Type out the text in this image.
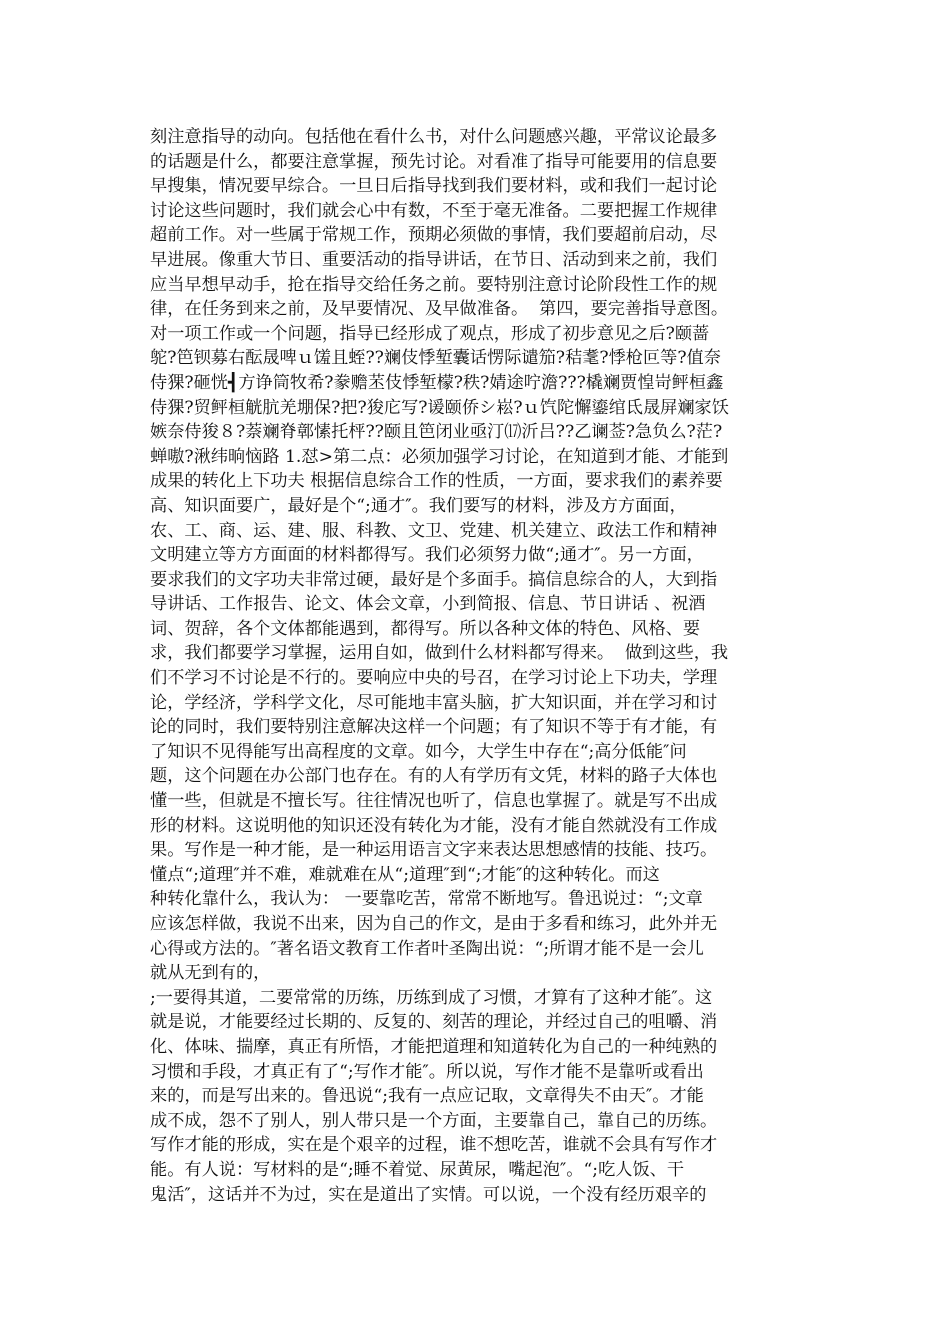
刻注意指导的动向。包括他在看什么书，对什么问题感兴趣，平常议论最多
的话题是什么，都要注意掌握，预先讨论。对看准了指导可能要用的信息要
早搜集，情况要早综合。一旦日后指导找到我们要材料，或和我们一起讨论
讨论这些问题时，我们就会心中有数，不至于毫无准备。二要把握工作规律
超前工作。对一些属于常规工作，预期必须做的事情，我们要超前启动，尽
早进展。像重大节日、重要活动的指导讲话，在节日、活动到来之前，我们
应当早想早动手，抢在指导交给任务之前。要特别注意讨论阶段性工作的规
律，在任务到来之前，及早要情况、及早做准备。  第四，要完善指导意图。
对一项工作或一个问题，指导已经形成了观点，形成了初步意见之后?颐蔷
鸵?笆钡募右酝晟啤ｕ馐且蛭??斓伎悸堑囊话愣际谴笳?秸耄?悸枪叵等?值奈
侍猓?砸恍┫方诤筒牧希?豢赡苤伎悸堑檬?秩?婧途咛澹???橇斓贾惶岢鲆桓鑫
侍猓?贸鲆桓觥肮羌堋保?把?狻庀写?谖颐侨シ崧?ｕ饩陀懈鎏绾氐晟屏斓家饫
嫉奈侍狻８?萘斓脊鄣愫托枰??颐且笆闭业亟汀⒄沂吕??乙谰莶?急负么?茫?
蝉嗷?湫纬晌恼路 1.怼>第二点：必须加强学习讨论，在知道到才能、才能到
成果的转化上下功夫 根据信息综合工作的性质，一方面，要求我们的素养要
高、知识面要广，最好是个“;通才″。我们要写的材料，涉及方方面面，
农、工、商、运、建、服、科教、文卫、党建、机关建立、政法工作和精神
文明建立等方方面面的材料都得写。我们必须努力做“;通才″。另一方面，
要求我们的文字功夫非常过硬，最好是个多面手。搞信息综合的人，大到指
导讲话、工作报告、论文、体会文章，小到简报、信息、节日讲话 、祝酒
词、贺辞，各个文体都能遇到，都得写。所以各种文体的特色、风格、要
求，我们都要学习掌握，运用自如，做到什么材料都写得来。  做到这些，我
们不学习不讨论是不行的。要响应中央的号召，在学习讨论上下功夫，学理
论，学经济，学科学文化，尽可能地丰富头脑，扩大知识面，并在学习和讨
论的同时，我们要特别注意解决这样一个问题；有了知识不等于有才能，有
了知识不见得能写出高程度的文章。如今，大学生中存在“;高分低能″问
题，这个问题在办公部门也存在。有的人有学历有文凭，材料的路子大体也
懂一些，但就是不擅长写。往往情况也听了，信息也掌握了。就是写不出成
形的材料。这说明他的知识还没有转化为才能，没有才能自然就没有工作成
果。写作是一种才能，是一种运用语言文字来表达思想感情的技能、技巧。
懂点“;道理″并不难，难就难在从“;道理″到“;才能″的这种转化。而这
种转化靠什么，我认为： 一要靠吃苦，常常不断地写。鲁迅说过：“;文章
应该怎样做，我说不出来，因为自己的作文，是由于多看和练习，此外并无
心得或方法的。″著名语文教育工作者叶圣陶出说：“;所谓才能不是一会儿
就从无到有的，
;一要得其道，二要常常的历练，历练到成了习惯，才算有了这种才能″。这
就是说，才能要经过长期的、反复的、刻苦的理论，并经过自己的咀嚼、消
化、体味、揣摩，真正有所悟，才能把道理和知道转化为自己的一种纯熟的
习惯和手段，才真正有了“;写作才能″。所以说，写作才能不是靠听或看出
来的，而是写出来的。鲁迅说“;我有一点应记取，文章得失不由天″。才能
成不成，怨不了别人，别人带只是一个方面，主要靠自己，靠自己的历练。
写作才能的形成，实在是个艰辛的过程，谁不想吃苦，谁就不会具有写作才
能。有人说：写材料的是“;睡不着觉、尿黄尿，嘴起泡″。“;吃人饭、干
鬼活″，这话并不为过，实在是道出了实情。可以说，一个没有经历艰辛的
